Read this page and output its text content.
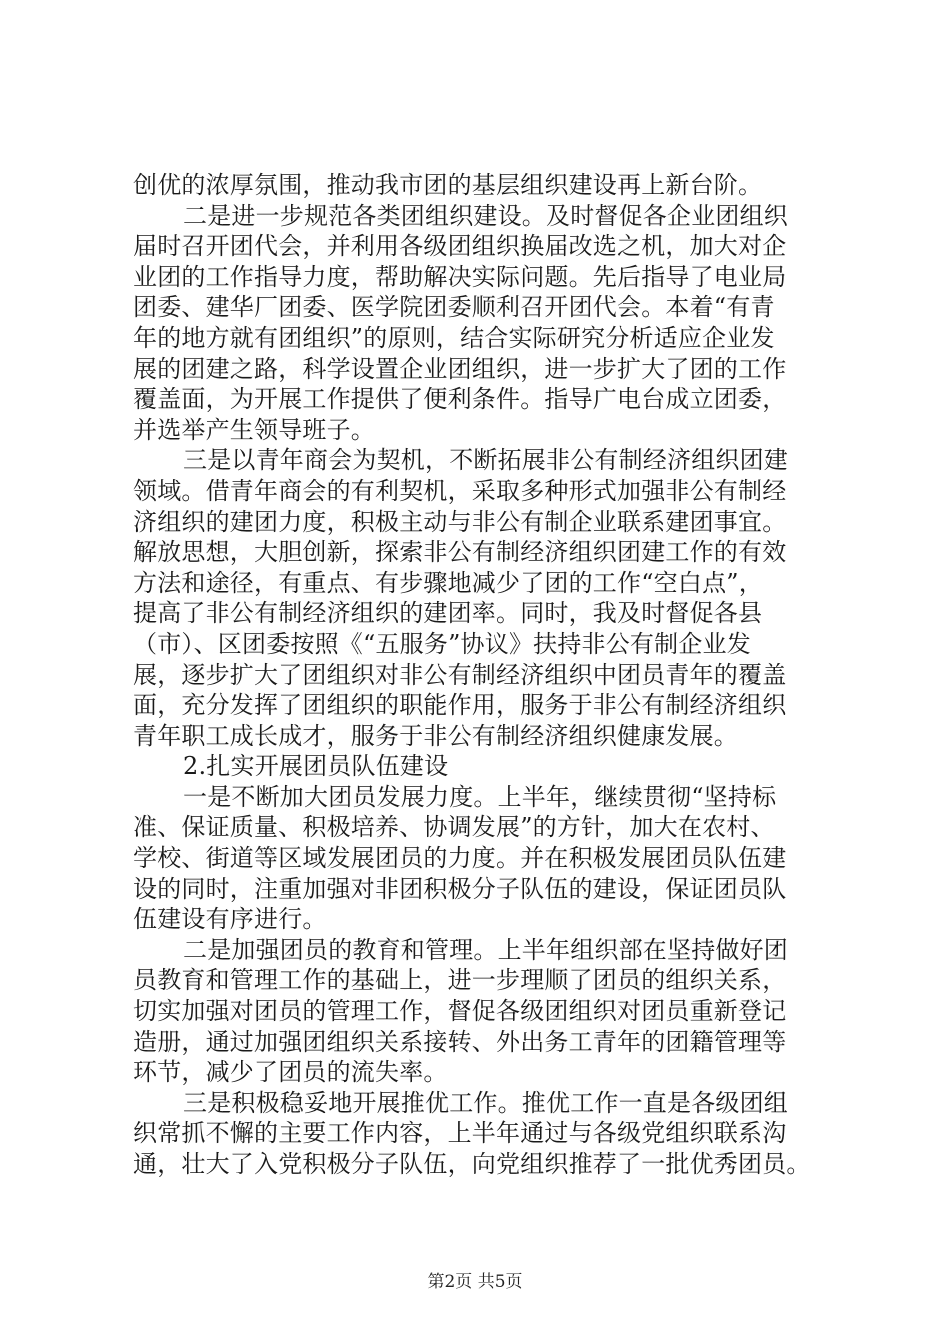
创优的浓厚氛围，推动我市团的基层组织建设再上新台阶。
二是进一步规范各类团组织建设。及时督促各企业团组织
届时召开团代会，并利用各级团组织换届改选之机，加大对企
业团的工作指导力度，帮助解决实际问题。先后指导了电业局
团委、建华厂团委、医学院团委顺利召开团代会。本着“有青
年的地方就有团组织”的原则，结合实际研究分析适应企业发
展的团建之路，科学设置企业团组织，进一步扩大了团的工作
覆盖面，为开展工作提供了便利条件。指导广电台成立团委，
并选举产生领导班子。
三是以青年商会为契机，不断拓展非公有制经济组织团建
领域。借青年商会的有利契机，采取多种形式加强非公有制经
济组织的建团力度，积极主动与非公有制企业联系建团事宜。
解放思想，大胆创新，探索非公有制经济组织团建工作的有效
方法和途径，有重点、有步骤地减少了团的工作“空白点”，
提高了非公有制经济组织的建团率。同时，我及时督促各县
（市）、区团委按照《“五服务”协议》扶持非公有制企业发
展，逐步扩大了团组织对非公有制经济组织中团员青年的覆盖
面，充分发挥了团组织的职能作用，服务于非公有制经济组织
青年职工成长成才，服务于非公有制经济组织健康发展。
2.扎实开展团员队伍建设
一是不断加大团员发展力度。上半年，继续贯彻“坚持标
准、保证质量、积极培养、协调发展”的方针，加大在农村、
学校、街道等区域发展团员的力度。并在积极发展团员队伍建
设的同时，注重加强对非团积极分子队伍的建设，保证团员队
伍建设有序进行。
二是加强团员的教育和管理。上半年组织部在坚持做好团
员教育和管理工作的基础上，进一步理顺了团员的组织关系，
切实加强对团员的管理工作，督促各级团组织对团员重新登记
造册，通过加强团组织关系接转、外出务工青年的团籍管理等
环节，减少了团员的流失率。
三是积极稳妥地开展推优工作。推优工作一直是各级团组
织常抓不懈的主要工作内容，上半年通过与各级党组织联系沟
通，壮大了入党积极分子队伍，向党组织推荐了一批优秀团员。
第2页 共5页
